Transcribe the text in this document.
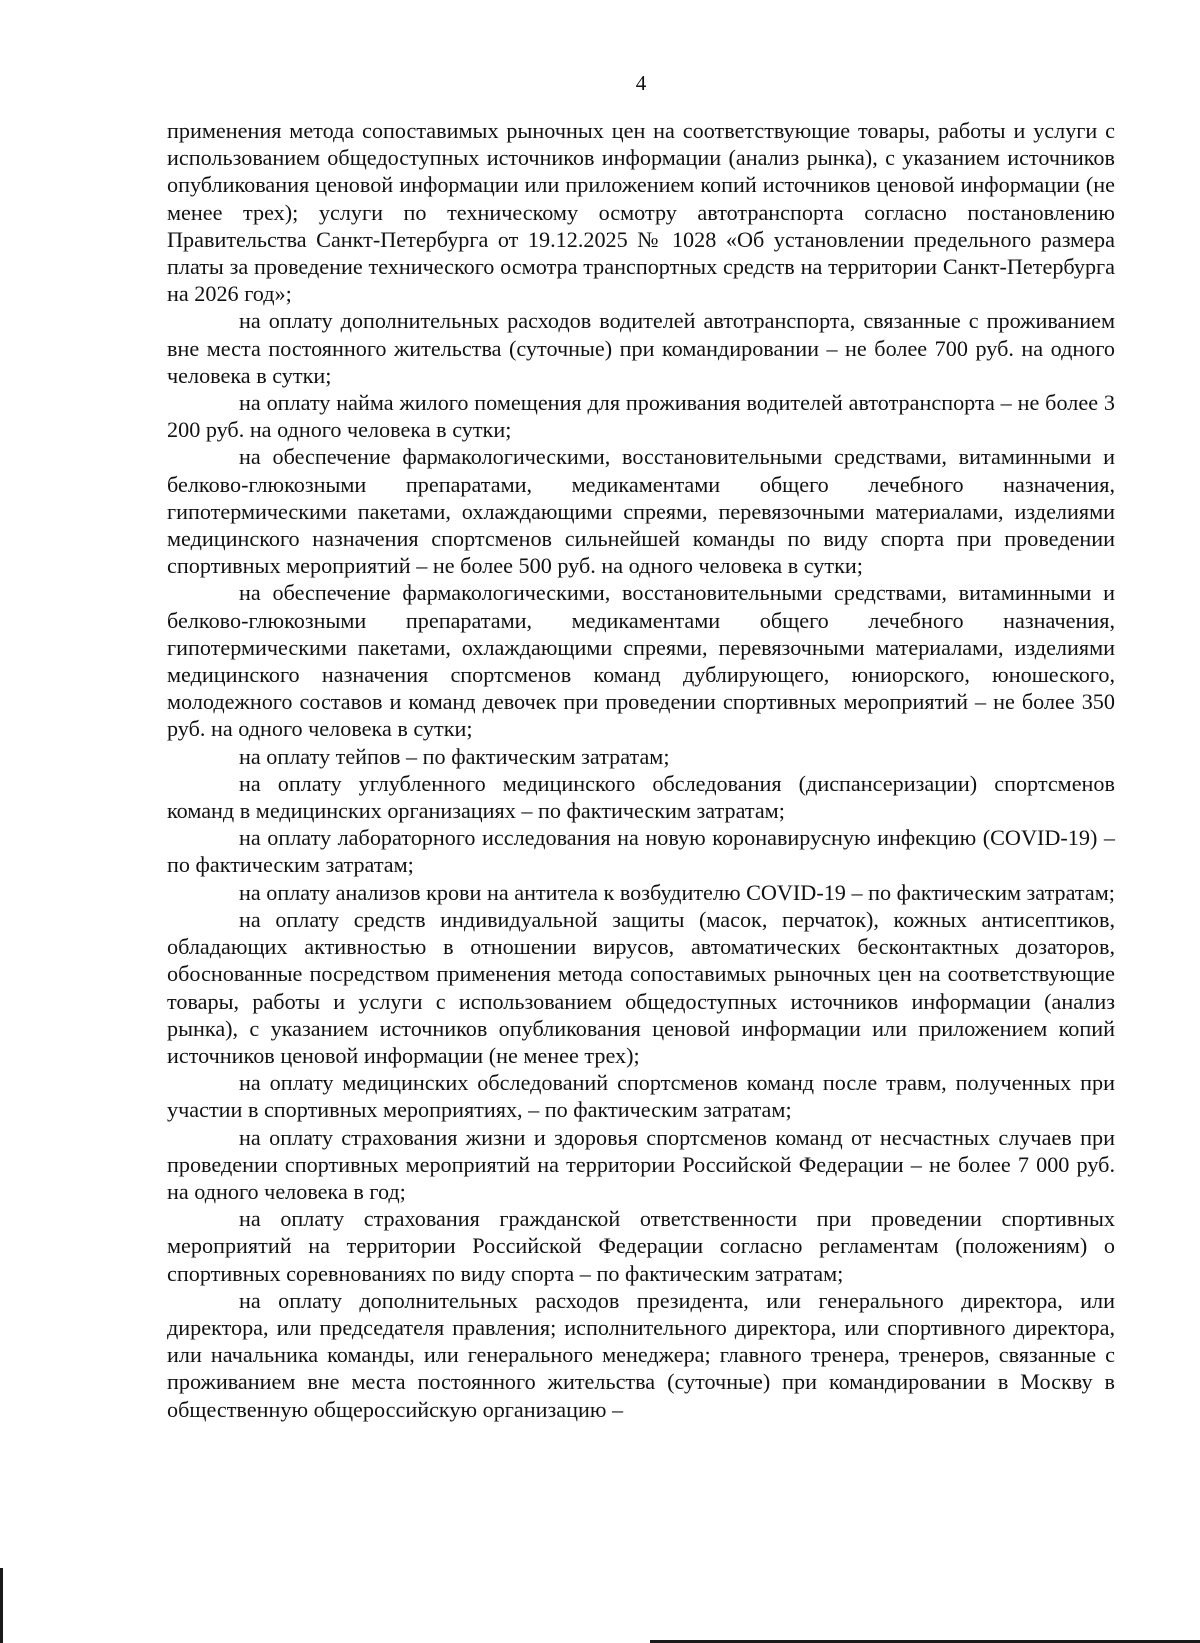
4

применения метода сопоставимых рыночных цен на соответствующие товары, работы и услуги с использованием общедоступных источников информации (анализ рынка), с указанием источников опубликования ценовой информации или приложением копий источников ценовой информации (не менее трех); услуги по техническому осмотру автотранспорта согласно постановлению Правительства Санкт-Петербурга от 19.12.2025 № 1028 «Об установлении предельного размера платы за проведение технического осмотра транспортных средств на территории Санкт-Петербурга на 2026 год»;

на оплату дополнительных расходов водителей автотранспорта, связанные с проживанием вне места постоянного жительства (суточные) при командировании – не более 700 руб. на одного человека в сутки;

на оплату найма жилого помещения для проживания водителей автотранспорта – не более 3 200 руб. на одного человека в сутки;

на обеспечение фармакологическими, восстановительными средствами, витаминными и белково-глюкозными препаратами, медикаментами общего лечебного назначения, гипотермическими пакетами, охлаждающими спреями, перевязочными материалами, изделиями медицинского назначения спортсменов сильнейшей команды по виду спорта при проведении спортивных мероприятий – не более 500 руб. на одного человека в сутки;

на обеспечение фармакологическими, восстановительными средствами, витаминными и белково-глюкозными препаратами, медикаментами общего лечебного назначения, гипотермическими пакетами, охлаждающими спреями, перевязочными материалами, изделиями медицинского назначения спортсменов команд дублирующего, юниорского, юношеского, молодежного составов и команд девочек при проведении спортивных мероприятий – не более 350 руб. на одного человека в сутки;

на оплату тейпов – по фактическим затратам;

на оплату углубленного медицинского обследования (диспансеризации) спортсменов команд в медицинских организациях – по фактическим затратам;

на оплату лабораторного исследования на новую коронавирусную инфекцию (COVID-19) – по фактическим затратам;

на оплату анализов крови на антитела к возбудителю COVID-19 – по фактическим затратам;

на оплату средств индивидуальной защиты (масок, перчаток), кожных антисептиков, обладающих активностью в отношении вирусов, автоматических бесконтактных дозаторов, обоснованные посредством применения метода сопоставимых рыночных цен на соответствующие товары, работы и услуги с использованием общедоступных источников информации (анализ рынка), с указанием источников опубликования ценовой информации или приложением копий источников ценовой информации (не менее трех);

на оплату медицинских обследований спортсменов команд после травм, полученных при участии в спортивных мероприятиях, – по фактическим затратам;

на оплату страхования жизни и здоровья спортсменов команд от несчастных случаев при проведении спортивных мероприятий на территории Российской Федерации – не более 7 000 руб. на одного человека в год;

на оплату страхования гражданской ответственности при проведении спортивных мероприятий на территории Российской Федерации согласно регламентам (положениям) о спортивных соревнованиях по виду спорта – по фактическим затратам;

на оплату дополнительных расходов президента, или генерального директора, или директора, или председателя правления; исполнительного директора, или спортивного директора, или начальника команды, или генерального менеджера; главного тренера, тренеров, связанные с проживанием вне места постоянного жительства (суточные) при командировании в Москву в общественную общероссийскую организацию –
